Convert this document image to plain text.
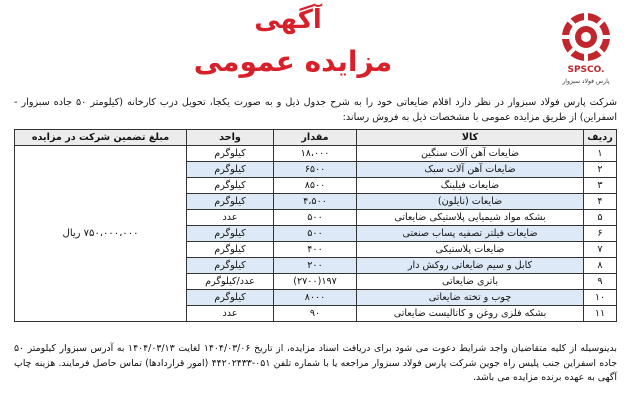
SPSCO.
پارس فولاد سبزوار
آگهی
مزایده عمومی
شرکت پارس فولاد سبزوار در نظر دارد اقلام ضایعاتی خود را به شرح جدول ذیل و به صورت یکجا، تحویل درب کارخانه (کیلومتر ۵۰ جاده سبزوار - اسفراین) از طریق مزایده عمومی با مشخصات ذیل به فروش رساند:
ردیف	کالا	مقدار	واحد	مبلغ تضمین شرکت در مزایده
۱	ضایعات آهن آلات سنگین	۱۸،۰۰۰	کیلوگرم	۷۵۰،۰۰۰،۰۰۰ ریال
۲	ضایعات آهن آلات سبک	۶۵۰۰	کیلوگرم	
۳	ضایعات فیلینگ	۸۵۰۰	کیلوگرم	
۴	ضایعات (نایلون)	۴،۵۰۰	کیلوگرم	
۵	بشکه مواد شیمیایی پلاستیکی ضایعاتی	۵۰۰	عدد	
۶	ضایعات فیلتر تصفیه پساب صنعتی	۵۰۰	کیلوگرم	
۷	ضایعات پلاستیکی	۴۰۰	کیلوگرم	
۸	کابل و سیم ضایعاتی روکش دار	۲۰۰	کیلوگرم	
۹	باتری ضایعاتی	۱۹۷(۲۷۰۰)	عدد/کیلوگرم	
۱۰	چوب و تخته ضایعاتی	۸۰۰۰	کیلوگرم	
۱۱	بشکه فلزی روغن و کاتالیست ضایعاتی	۹۰	عدد	
بدینوسیله از کلیه متقاضیان واجد شرایط دعوت می شود برای دریافت اسناد مزایده، از تاریخ ۱۴۰۴/۰۳/۰۶ لغایت ۱۴۰۴/۰۳/۱۳ به آدرس سبزوار کیلومتر ۵۰ جاده اسفراین جنب پلیس راه جوین شرکت پارس فولاد سبزوار مراجعه یا با شماره تلفن ۰۵۱-۴۴۲۰۲۴۳۳ (امور قراردادها) تماس حاصل فرمایند. هزینه چاپ آگهی به عهده برنده مزایده می باشد.
